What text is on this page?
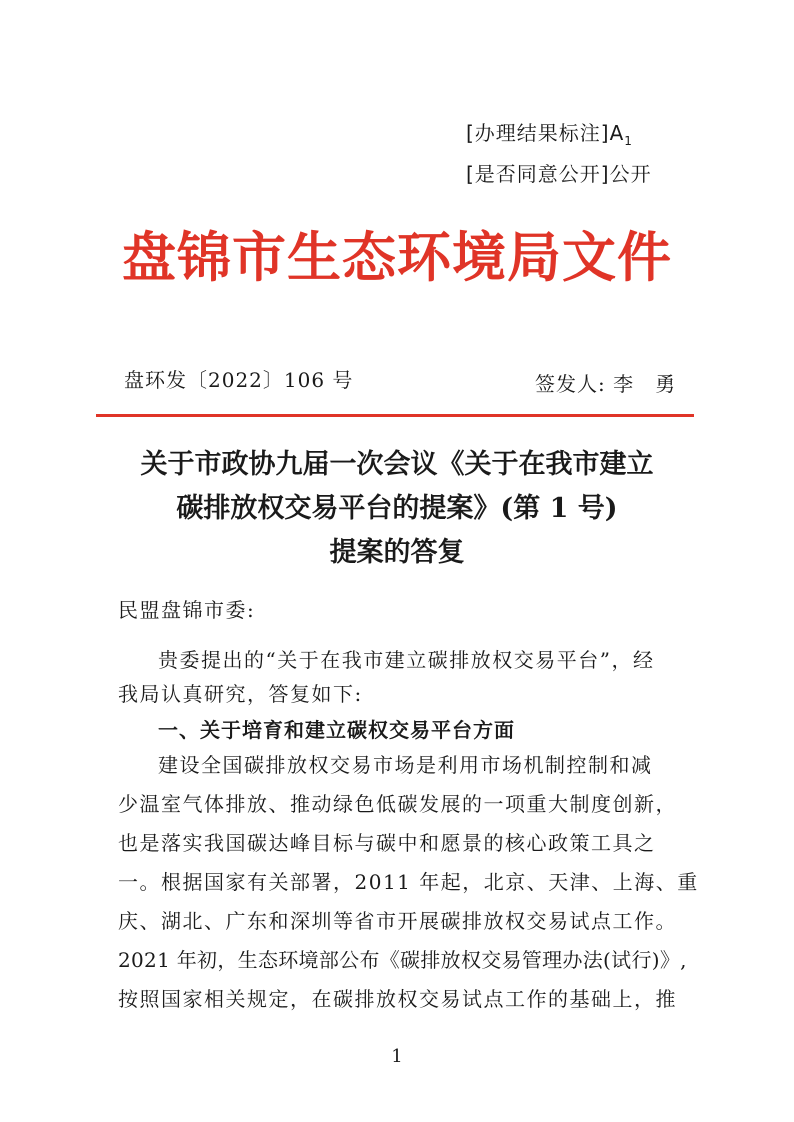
[办理结果标注]$A_1$
[是否同意公开]公开
盘锦市生态环境局文件
盘环发〔2022〕106 号	签发人: 李　勇
关于市政协九届一次会议《关于在我市建立
碳排放权交易平台的提案》(第 1 号)
提案的答复
民盟盘锦市委:
贵委提出的“关于在我市建立碳排放权交易平台”，经
我局认真研究，答复如下:
一、关于培育和建立碳权交易平台方面
建设全国碳排放权交易市场是利用市场机制控制和减
少温室气体排放、推动绿色低碳发展的一项重大制度创新，
也是落实我国碳达峰目标与碳中和愿景的核心政策工具之
一。根据国家有关部署，2011 年起，北京、天津、上海、重
庆、湖北、广东和深圳等省市开展碳排放权交易试点工作。
2021 年初，生态环境部公布《碳排放权交易管理办法(试行)》,
按照国家相关规定，在碳排放权交易试点工作的基础上，推
1
